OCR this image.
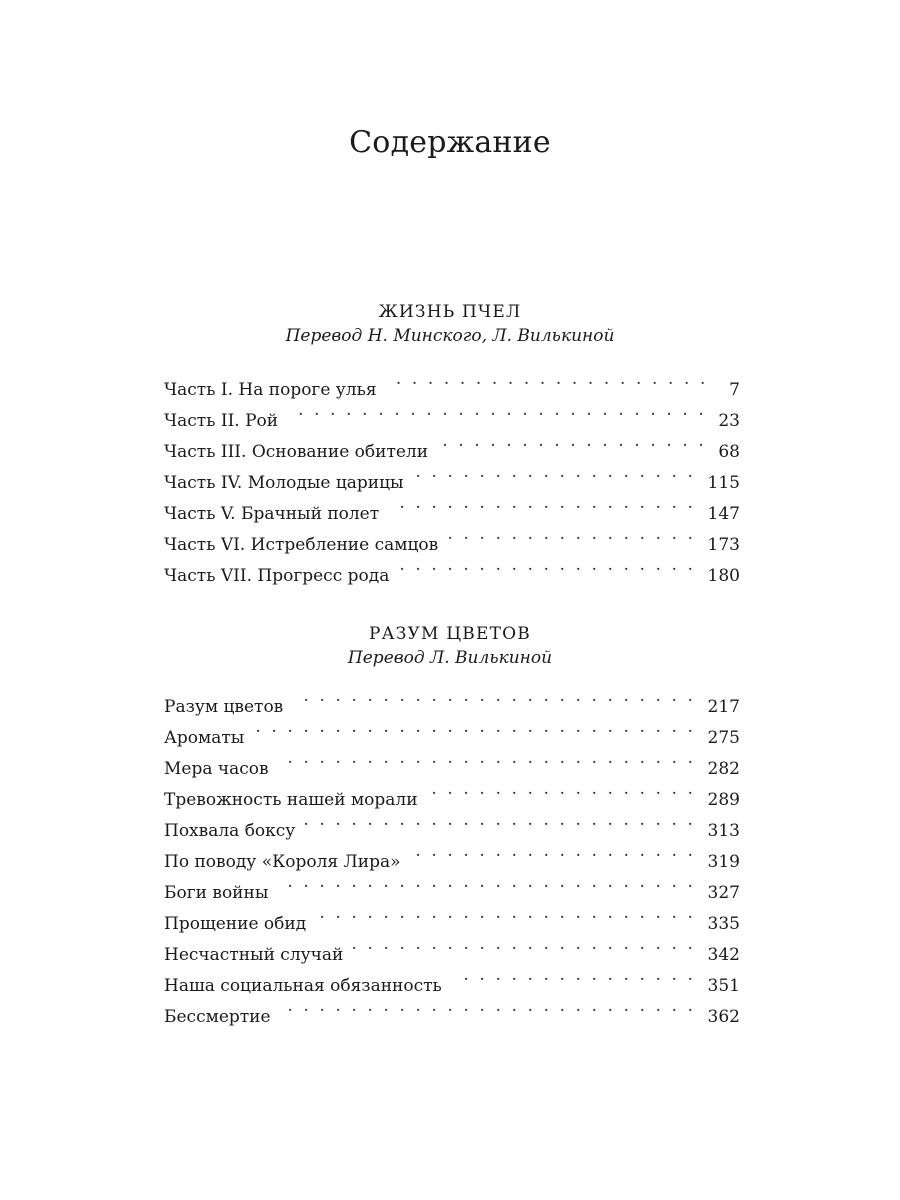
Содержание
ЖИЗНЬ ПЧЕЛ
Перевод Н. Минского, Л. Вилькиной
Часть I. На пороге улья . . .	7
Часть II. Рой . . .	23
Часть III. Основание обители . . .	68
Часть IV. Молодые царицы . . .	115
Часть V. Брачный полет . . .	147
Часть VI. Истребление самцов . . .	173
Часть VII. Прогресс рода . . .	180
РАЗУМ ЦВЕТОВ
Перевод Л. Вилькиной
Разум цветов . . .	217
Ароматы . . .	275
Мера часов . . .	282
Тревожность нашей морали . . .	289
Похвала боксу . . .	313
По поводу «Короля Лира» . . .	319
Боги войны . . .	327
Прощение обид . . .	335
Несчастный случай . . .	342
Наша социальная обязанность . . .	351
Бессмертие . . .	362
